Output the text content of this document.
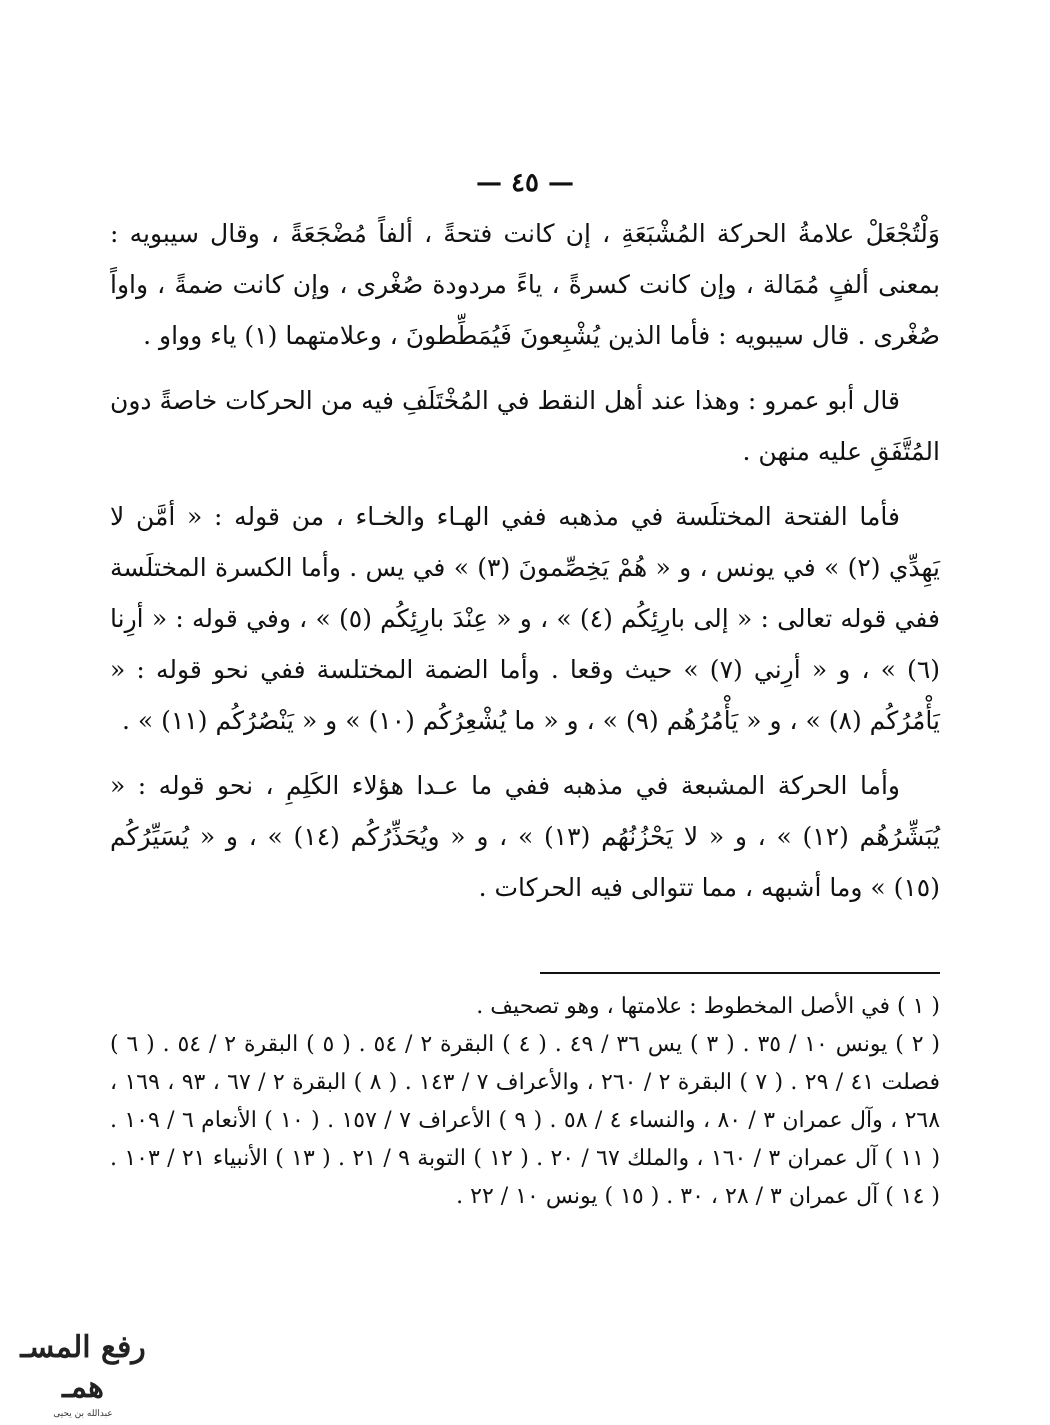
— ٤٥ —

وَلْتُجْعَلْ علامةُ الحركة المُشْبَعَةِ ، إن كانت فتحةً ، ألفاً مُضْجَعَةً ، وقال سيبويه : بمعنى ألفٍ مُمَالة ، وإن كانت كسرةً ، ياءً مردودة صُغْرى ، وإن كانت ضمةً ، واواً صُغْرى . قال سيبويه : فأما الذين يُشْبِعونَ فَيُمَطِّطونَ ، وعلامتهما (١) ياء وواو .

قال أبو عمرو : وهذا عند أهل النقط في المُخْتَلَفِ فيه من الحركات خاصةً دون المُتَّفَقِ عليه منهن .

فأما الفتحة المختلَسة في مذهبه ففي الهـاء والخـاء ، من قوله : « أمَّن لا يَهِدِّي (٢) » في يونس ، و « هُمْ يَخِصِّمونَ (٣) » في يس . وأما الكسرة المختلَسة ففي قوله تعالى : « إلى بارِئِكُم (٤) » ، و « عِنْدَ بارِئِكُم (٥) » ، وفي قوله : « أرِنا (٦) » ، و « أرِني (٧) » حيث وقعا . وأما الضمة المختلسة ففي نحو قوله : « يَأْمُرُكُم (٨) » ، و « يَأْمُرُهُم (٩) » ، و « ما يُشْعِرُكُم (١٠) » و « يَنْصُرُكُم (١١) » .

وأما الحركة المشبعة في مذهبه ففي ما عـدا هؤلاء الكَلِمِ ، نحو قوله : « يُبَشِّرُهُم (١٢) » ، و « لا يَحْزُنُهُم (١٣) » ، و « ويُحَذِّرُكُم (١٤) » ، و « يُسَيِّرُكُم (١٥) » وما أشبهه ، مما تتوالى فيه الحركات .

( ١ ) في الأصل المخطوط : علامتها ، وهو تصحيف .

( ٢ ) يونس ١٠ / ٣٥ . ( ٣ ) يس ٣٦ / ٤٩ . ( ٤ ) البقرة ٢ / ٥٤ . ( ٥ ) البقرة ٢ / ٥٤ . ( ٦ ) فصلت ٤١ / ٢٩ . ( ٧ ) البقرة ٢ / ٢٦٠ ، والأعراف ٧ / ١٤٣ . ( ٨ ) البقرة ٢ / ٦٧ ، ٩٣ ، ١٦٩ ، ٢٦٨ ، وآل عمران ٣ / ٨٠ ، والنساء ٤ / ٥٨ . ( ٩ ) الأعراف ٧ / ١٥٧ . ( ١٠ ) الأنعام ٦ / ١٠٩ . ( ١١ ) آل عمران ٣ / ١٦٠ ، والملك ٦٧ / ٢٠ . ( ١٢ ) التوبة ٩ / ٢١ . ( ١٣ ) الأنبياء ٢١ / ١٠٣ . ( ١٤ ) آل عمران ٣ / ٢٨ ، ٣٠ . ( ١٥ ) يونس ١٠ / ٢٢ .

رفع المسـ همـ
عبدالله بن يحيى
